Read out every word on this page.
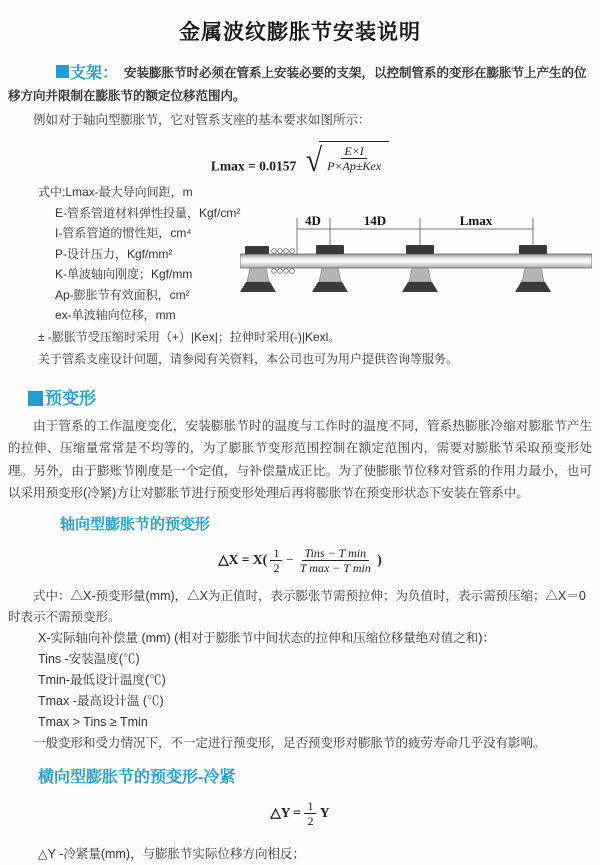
金属波纹膨胀节安装说明

支架： 安装膨胀节时必须在管系上安装必要的支架，以控制管系的变形在膨胀节上产生的位移方向并限制在膨胀节的额定位移范围内。

例如对于轴向型膨胀节，它对管系支座的基本要求如图所示：

Lmax = 0.0157 √ $\frac{E\times I}{\text{P×Ap±Kex}}$
式中:Lmax-最大导向间距，m
E-管系管道材料弹性投量，Kgf/cm²
I-管系管道的惯性矩，cm⁴
P-设计压力，Kgf/mm²
K-单波轴向刚度；Kgf/mm
Ap-膨胀节有效面积，cm²
ex-单波轴向位移，mm
4D	14D	Lmax

± -膨胀节受压缩时采用（+）|Kex|；拉伸时采用(-)|Kexl。

关于管系支座设计问题，请参阅有关资料，本公司也可为用户提供咨询等服务。

预变形

由于管系的工作温度变化，安装膨胀节时的温度与工作时的温度不同，管系热膨胀冷缩对膨胀节产生的拉伸、压缩量常常是不均等的，为了膨胀节变形范围控制在额定范围内，需要对膨胀节采取预变形处理。另外，由于膨账节刚度是一个定值，与补偿量成正比。为了使膨胀节位移对管系的作用力最小，也可以采用预变形(冷紧)方让对膨胀节进行预变形处理后再将膨胀节在预变形状态下安装在管系中。

轴向型膨胀节的预变形
△X = $X( \frac{1}{2} - \frac{\text{Tins − T min}}{\text{T max − T min}}$ )

式中：△X-预变形量(mm)，△X为正值时，表示膨张节需预拉伸；为负值时，表示需预压缩；△X＝0时表示不需预变形。

X-实际轴向补偿量 (mm) (相对于膨胀节中间状态的拉伸和压缩位移量绝对值之和)：

Tins -安装温度(℃)

Tmin-最低设计温度(℃)

Tmax -最高设计温 (℃)

Tmax > Tins ≥ Tmin

一般变形和受力情况下，不一定进行预变形，足否预变形对膨胀节的疲劳寿命几乎没有影响。

横向型膨胀节的预变形-冷紧
△Y = $\frac{1}{2}$ Y

△Y -冷紧量(mm)，与膨胀节实际位移方向相反；
